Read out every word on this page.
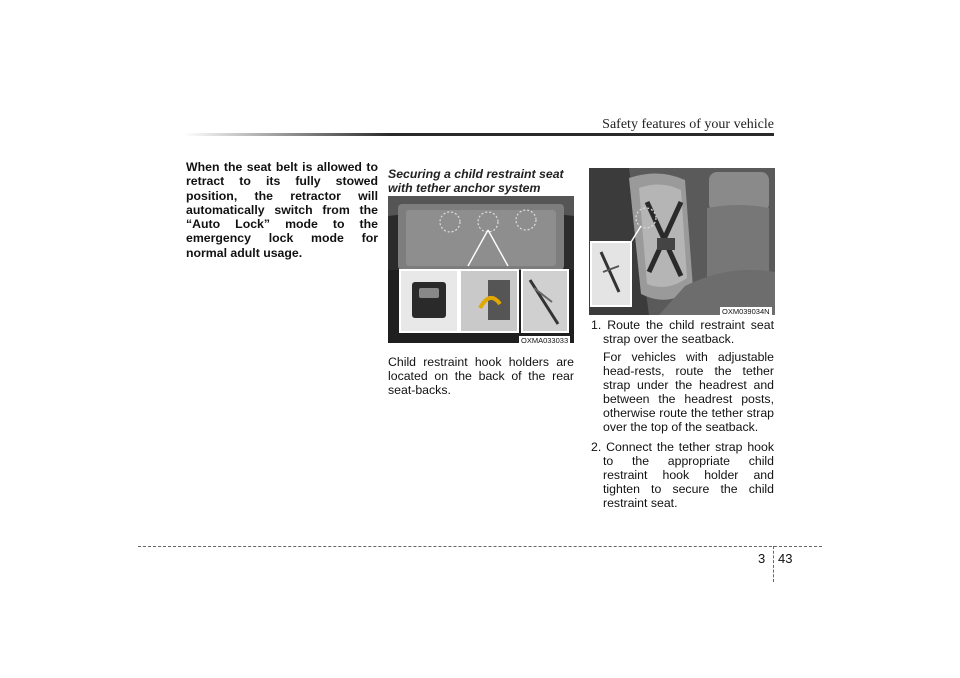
Safety features of your vehicle
When the seat belt is allowed to retract to its fully stowed position, the retractor will automatically switch from the “Auto Lock” mode to the emergency lock mode for normal adult usage.
Securing a child restraint seat with tether anchor system
OXMA033033
Child restraint hook holders are located on the back of the rear seat-backs.
OXM039034N
1. Route the child restraint seat strap over the seatback.
For vehicles with adjustable head-rests, route the tether strap under the headrest and between the headrest posts, otherwise route the tether strap over the top of the seatback.
2. Connect the tether strap hook to the appropriate child restraint hook holder and tighten to secure the child restraint seat.
3 43
